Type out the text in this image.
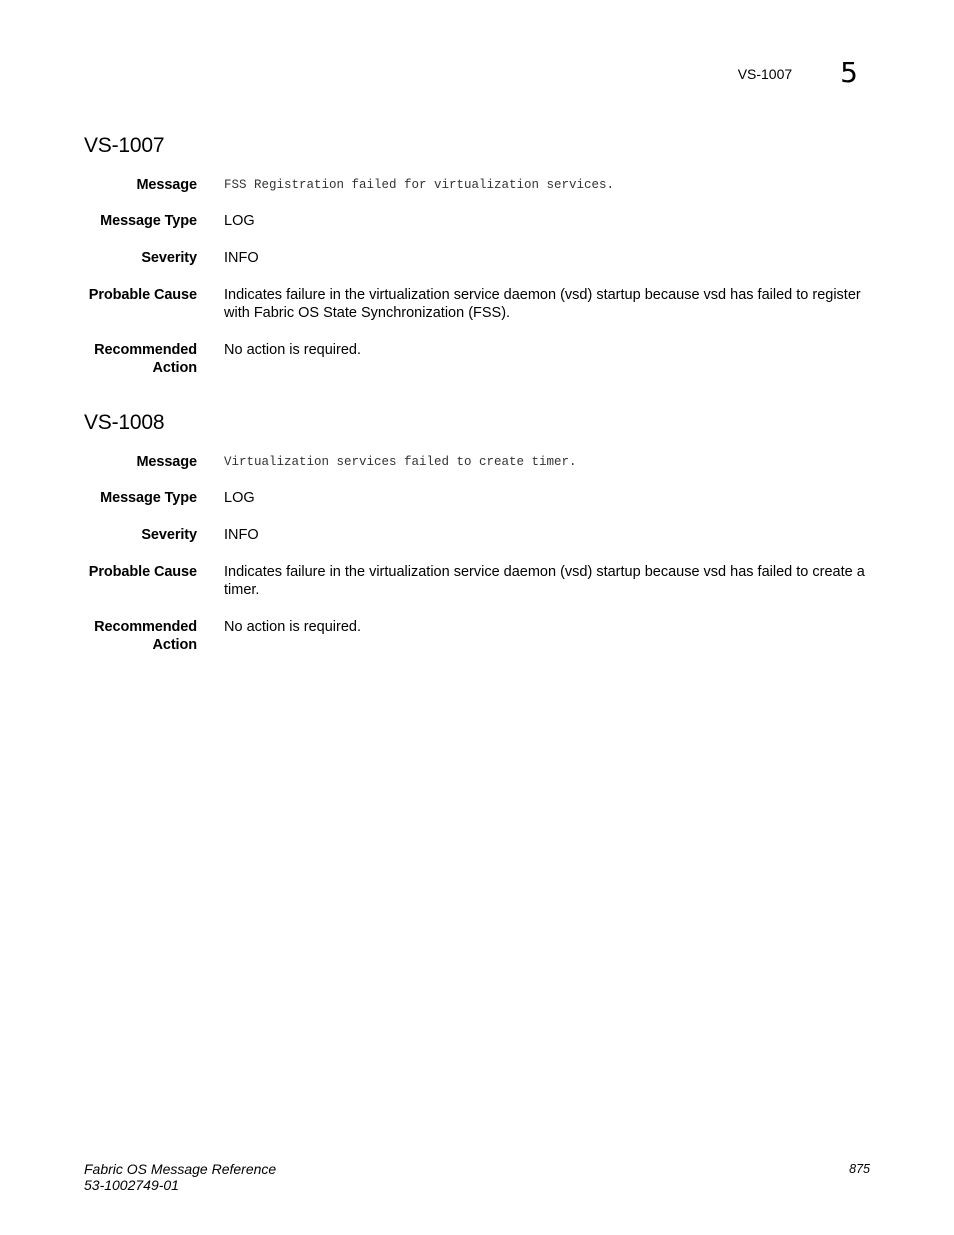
VS-1007 5
VS-1007
Message FSS Registration failed for virtualization services.
Message Type LOG
Severity INFO
Probable Cause Indicates failure in the virtualization service daemon (vsd) startup because vsd has failed to register with Fabric OS State Synchronization (FSS).
Recommended
Action
No action is required.
VS-1008
Message Virtualization services failed to create timer.
Message Type LOG
Severity INFO
Probable Cause Indicates failure in the virtualization service daemon (vsd) startup because vsd has failed to create a timer.
Recommended
Action
No action is required.
Fabric OS Message Reference
53-1002749-01
875
